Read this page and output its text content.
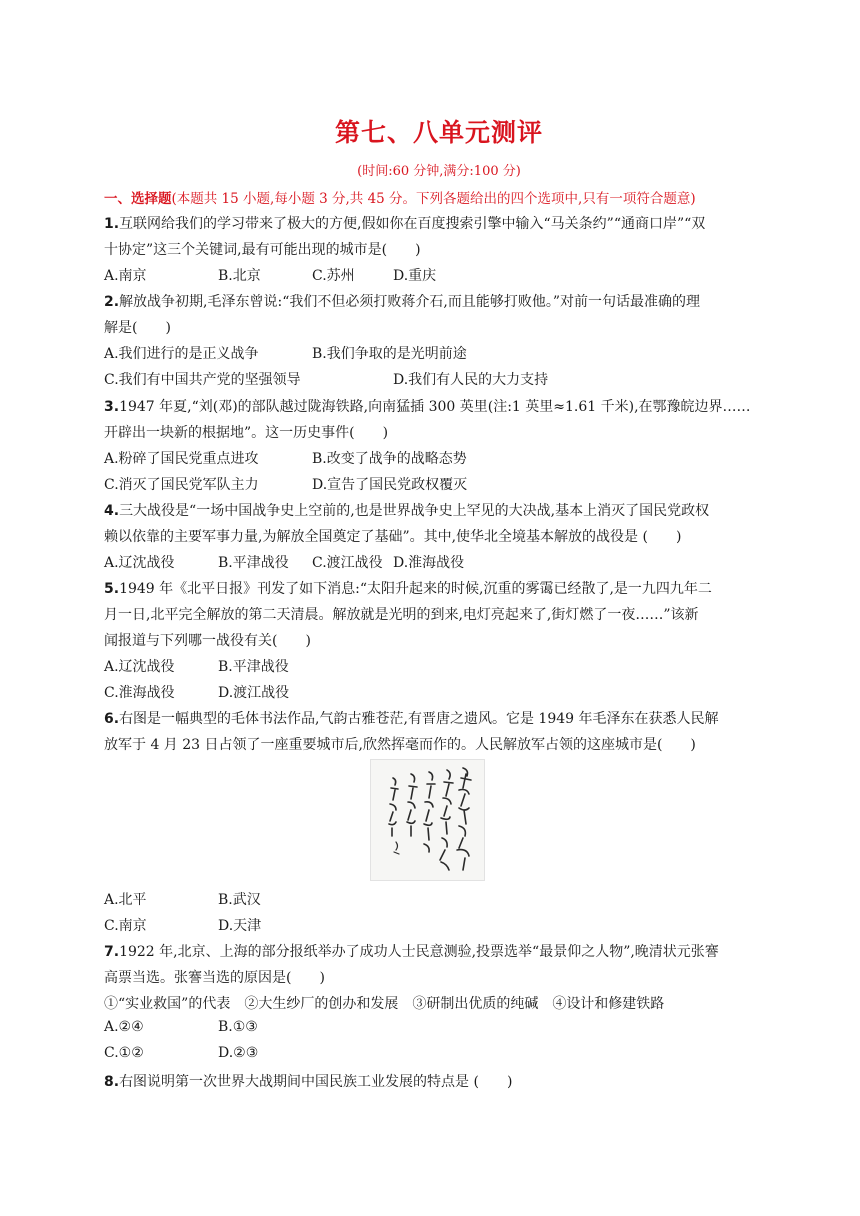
第七、八单元测评
(时间:60 分钟,满分:100 分)
一、选择题(本题共 15 小题,每小题 3 分,共 45 分。下列各题给出的四个选项中,只有一项符合题意)
1.互联网给我们的学习带来了极大的方便,假如你在百度搜索引擎中输入“马关条约”“通商口岸”“双
十协定”这三个关键词,最有可能出现的城市是(　　)
A.南京	B.北京	C.苏州	D.重庆
2.解放战争初期,毛泽东曾说:“我们不但必须打败蒋介石,而且能够打败他。”对前一句话最准确的理
解是(　　)
A.我们进行的是正义战争	B.我们争取的是光明前途
C.我们有中国共产党的坚强领导	D.我们有人民的大力支持
3.1947 年夏,“刘(邓)的部队越过陇海铁路,向南猛插 300 英里(注:1 英里≈1.61 千米),在鄂豫皖边界……
开辟出一块新的根据地”。这一历史事件(　　)
A.粉碎了国民党重点进攻	B.改变了战争的战略态势
C.消灭了国民党军队主力	D.宣告了国民党政权覆灭
4.三大战役是“一场中国战争史上空前的,也是世界战争史上罕见的大决战,基本上消灭了国民党政权
赖以依靠的主要军事力量,为解放全国奠定了基础”。其中,使华北全境基本解放的战役是 (　　)
A.辽沈战役	B.平津战役 C.渡江战役 D.淮海战役
5.1949 年《北平日报》刊发了如下消息:“太阳升起来的时候,沉重的雾霭已经散了,是一九四九年二
月一日,北平完全解放的第二天清晨。解放就是光明的到来,电灯亮起来了,街灯燃了一夜……”该新
闻报道与下列哪一战役有关(　　)
A.辽沈战役	B.平津战役
C.淮海战役	D.渡江战役
6.右图是一幅典型的毛体书法作品,气韵古雅苍茫,有晋唐之遗风。它是 1949 年毛泽东在获悉人民解
放军于 4 月 23 日占领了一座重要城市后,欣然挥毫而作的。人民解放军占领的这座城市是(　　)
A.北平	B.武汉
C.南京	D.天津
7.1922 年,北京、上海的部分报纸举办了成功人士民意测验,投票选举“最景仰之人物”,晚清状元张謇
高票当选。张謇当选的原因是(　　)
①“实业救国”的代表　②大生纱厂的创办和发展　③研制出优质的纯碱　④设计和修建铁路
A.②④	B.①③
C.①②	D.②③
8.右图说明第一次世界大战期间中国民族工业发展的特点是 (　　)
